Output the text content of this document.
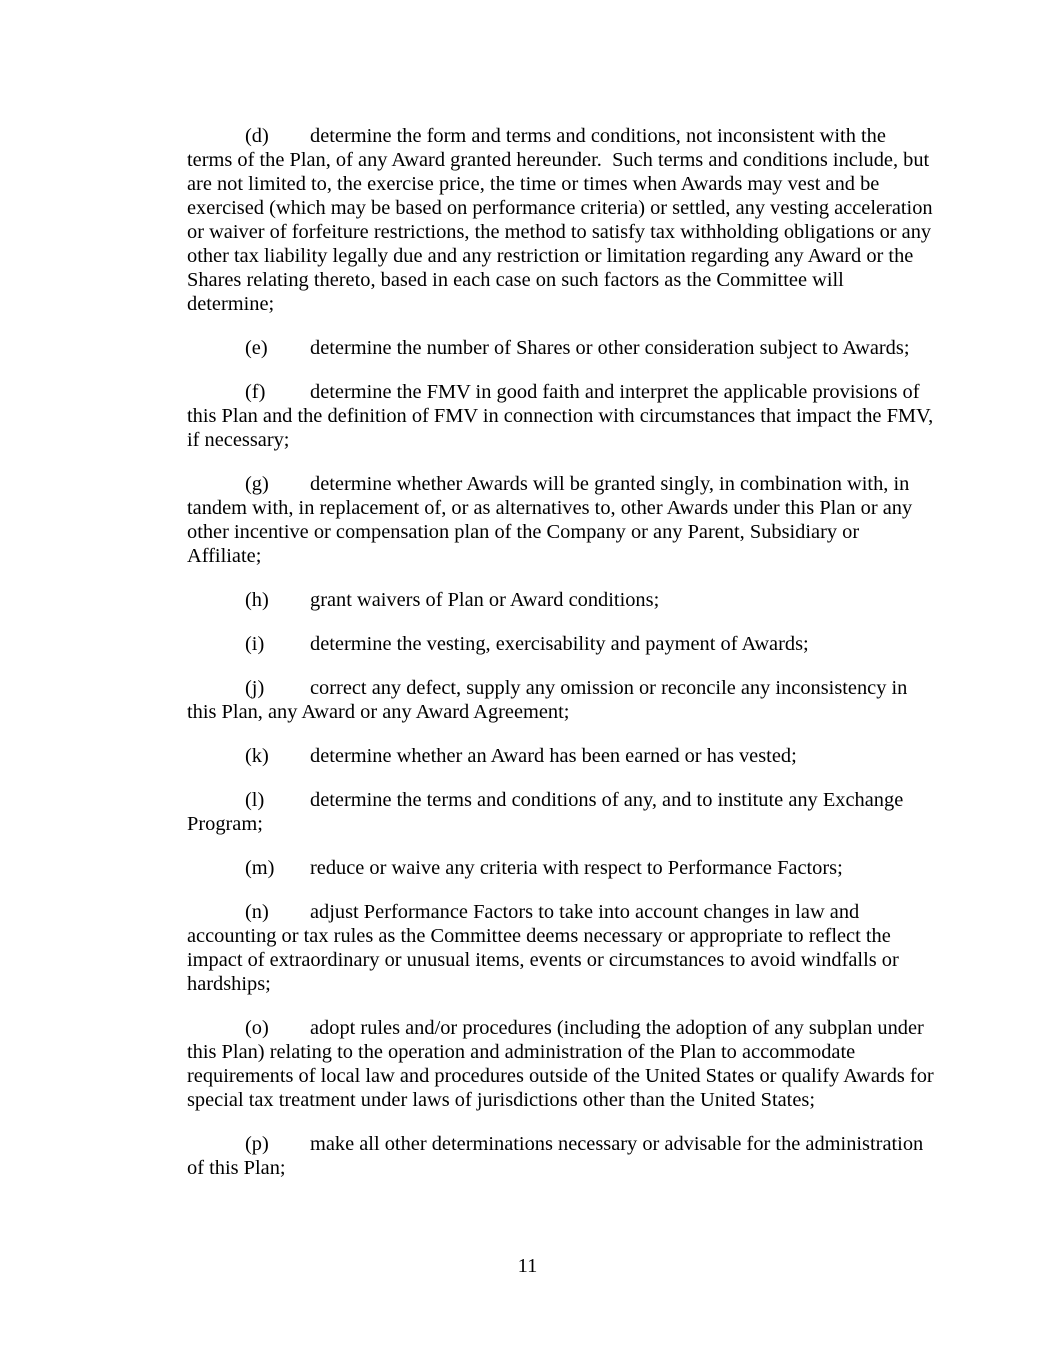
(d) determine the form and terms and conditions, not inconsistent with the terms of the Plan, of any Award granted hereunder.  Such terms and conditions include, but are not limited to, the exercise price, the time or times when Awards may vest and be exercised (which may be based on performance criteria) or settled, any vesting acceleration or waiver of forfeiture restrictions, the method to satisfy tax withholding obligations or any other tax liability legally due and any restriction or limitation regarding any Award or the Shares relating thereto, based in each case on such factors as the Committee will determine;

(e) determine the number of Shares or other consideration subject to Awards;

(f) determine the FMV in good faith and interpret the applicable provisions of this Plan and the definition of FMV in connection with circumstances that impact the FMV, if necessary;

(g) determine whether Awards will be granted singly, in combination with, in tandem with, in replacement of, or as alternatives to, other Awards under this Plan or any other incentive or compensation plan of the Company or any Parent, Subsidiary or Affiliate;

(h) grant waivers of Plan or Award conditions;

(i) determine the vesting, exercisability and payment of Awards;

(j) correct any defect, supply any omission or reconcile any inconsistency in this Plan, any Award or any Award Agreement;

(k) determine whether an Award has been earned or has vested;

(l) determine the terms and conditions of any, and to institute any Exchange Program;

(m) reduce or waive any criteria with respect to Performance Factors;

(n) adjust Performance Factors to take into account changes in law and accounting or tax rules as the Committee deems necessary or appropriate to reflect the impact of extraordinary or unusual items, events or circumstances to avoid windfalls or hardships;

(o) adopt rules and/or procedures (including the adoption of any subplan under this Plan) relating to the operation and administration of the Plan to accommodate requirements of local law and procedures outside of the United States or qualify Awards for special tax treatment under laws of jurisdictions other than the United States;

(p) make all other determinations necessary or advisable for the administration of this Plan;

11
